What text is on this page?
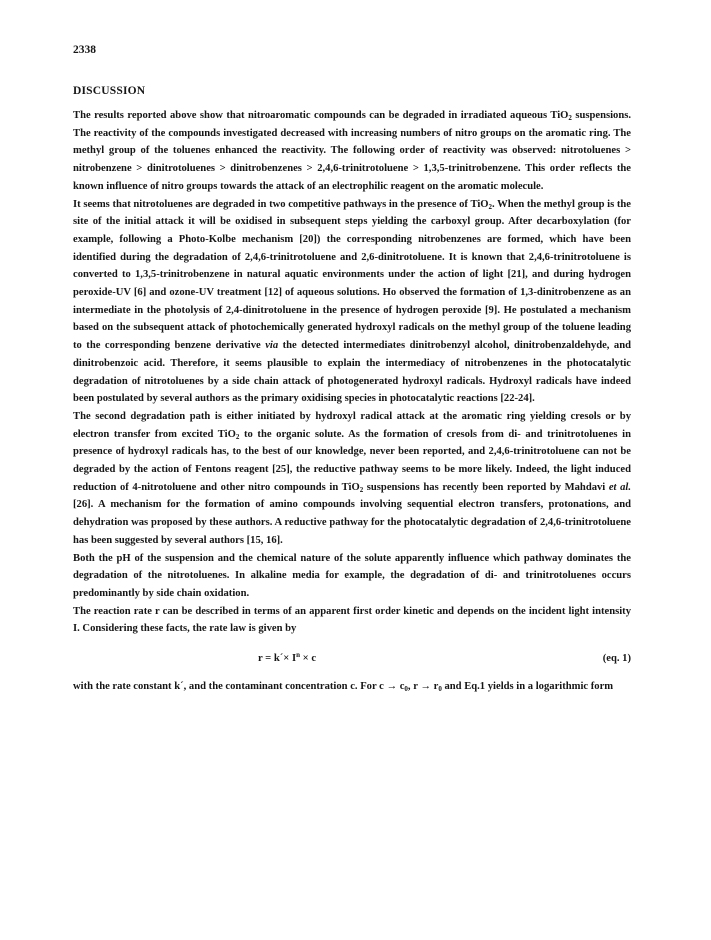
2338
DISCUSSION

The results reported above show that nitroaromatic compounds can be degraded in irradiated aqueous TiO$_2$ suspensions. The reactivity of the compounds investigated decreased with increasing numbers of nitro groups on the aromatic ring. The methyl group of the toluenes enhanced the reactivity. The following order of reactivity was observed: nitrotoluenes > nitrobenzene > dinitrotoluenes > dinitrobenzenes > 2,4,6-trinitrotoluene > 1,3,5-trinitrobenzene. This order reflects the known influence of nitro groups towards the attack of an electrophilic reagent on the aromatic molecule.

It seems that nitrotoluenes are degraded in two competitive pathways in the presence of TiO$_2$. When the methyl group is the site of the initial attack it will be oxidised in subsequent steps yielding the carboxyl group. After decarboxylation (for example, following a Photo-Kolbe mechanism [20]) the corresponding nitrobenzenes are formed, which have been identified during the degradation of 2,4,6-trinitrotoluene and 2,6-dinitrotoluene. It is known that 2,4,6-trinitrotoluene is converted to 1,3,5-trinitrobenzene in natural aquatic environments under the action of light [21], and during hydrogen peroxide-UV [6] and ozone-UV treatment [12] of aqueous solutions. Ho observed the formation of 1,3-dinitrobenzene as an intermediate in the photolysis of 2,4-dinitrotoluene in the presence of hydrogen peroxide [9]. He postulated a mechanism based on the subsequent attack of photochemically generated hydroxyl radicals on the methyl group of the toluene leading to the corresponding benzene derivative via the detected intermediates dinitrobenzyl alcohol, dinitrobenzaldehyde, and dinitrobenzoic acid. Therefore, it seems plausible to explain the intermediacy of nitrobenzenes in the photocatalytic degradation of nitrotoluenes by a side chain attack of photogenerated hydroxyl radicals. Hydroxyl radicals have indeed been postulated by several authors as the primary oxidising species in photocatalytic reactions [22-24].

The second degradation path is either initiated by hydroxyl radical attack at the aromatic ring yielding cresols or by electron transfer from excited TiO$_2$ to the organic solute. As the formation of cresols from di- and trinitrotoluenes in presence of hydroxyl radicals has, to the best of our knowledge, never been reported, and 2,4,6-trinitrotoluene can not be degraded by the action of Fentons reagent [25], the reductive pathway seems to be more likely. Indeed, the light induced reduction of 4-nitrotoluene and other nitro compounds in TiO$_2$ suspensions has recently been reported by Mahdavi et al. [26]. A mechanism for the formation of amino compounds involving sequential electron transfers, protonations, and dehydration was proposed by these authors. A reductive pathway for the photocatalytic degradation of 2,4,6-trinitrotoluene has been suggested by several authors [15, 16].

Both the pH of the suspension and the chemical nature of the solute apparently influence which pathway dominates the degradation of the nitrotoluenes. In alkaline media for example, the degradation of di- and trinitrotoluenes occurs predominantly by side chain oxidation.

The reaction rate r can be described in terms of an apparent first order kinetic and depends on the incident light intensity I. Considering these facts, the rate law is given by

r = k´× $I^n \times c$	(eq. 1)

with the rate constant k´, and the contaminant concentration c. For $c \to c_0$, $r \to r_0$ and Eq.1 yields in a logarithmic form
